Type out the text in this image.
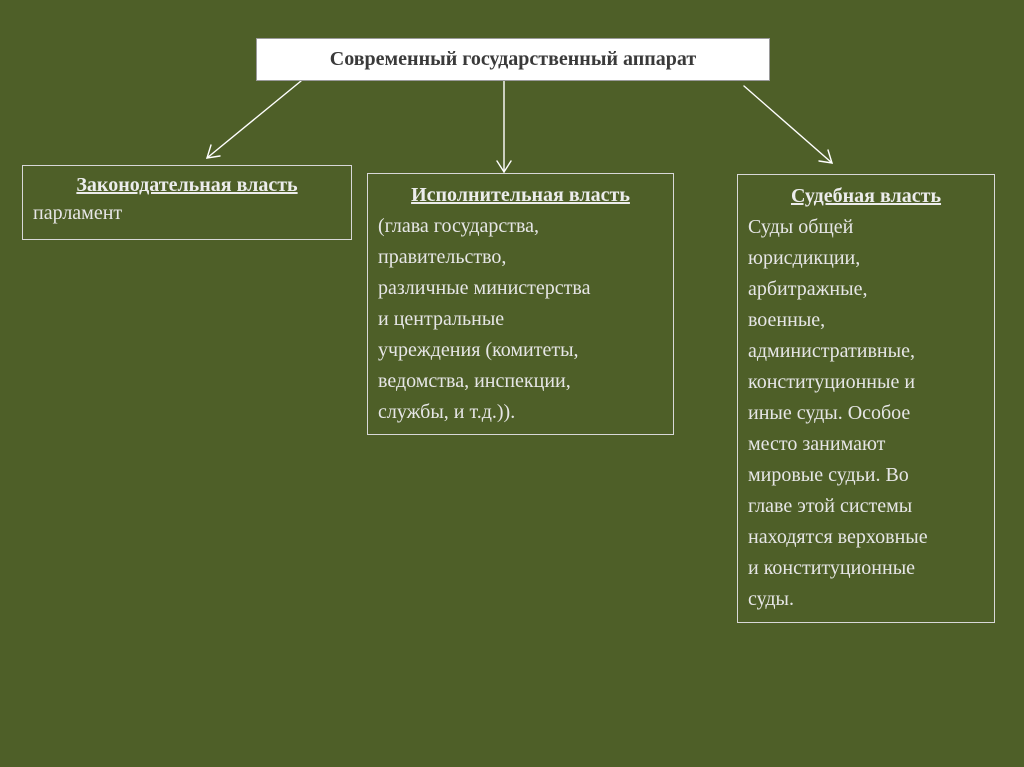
Современный государственный аппарат
Законодательная власть
парламент
Исполнительная власть
(глава государства,
правительство,
различные министерства
и центральные
учреждения (комитеты,
ведомства, инспекции,
службы, и т.д.)).
Судебная власть
Суды общей
юрисдикции,
арбитражные,
военные,
административные,
конституционные и
иные суды. Особое
место занимают
мировые судьи. Во
главе этой системы
находятся верховные
и конституционные
суды.
